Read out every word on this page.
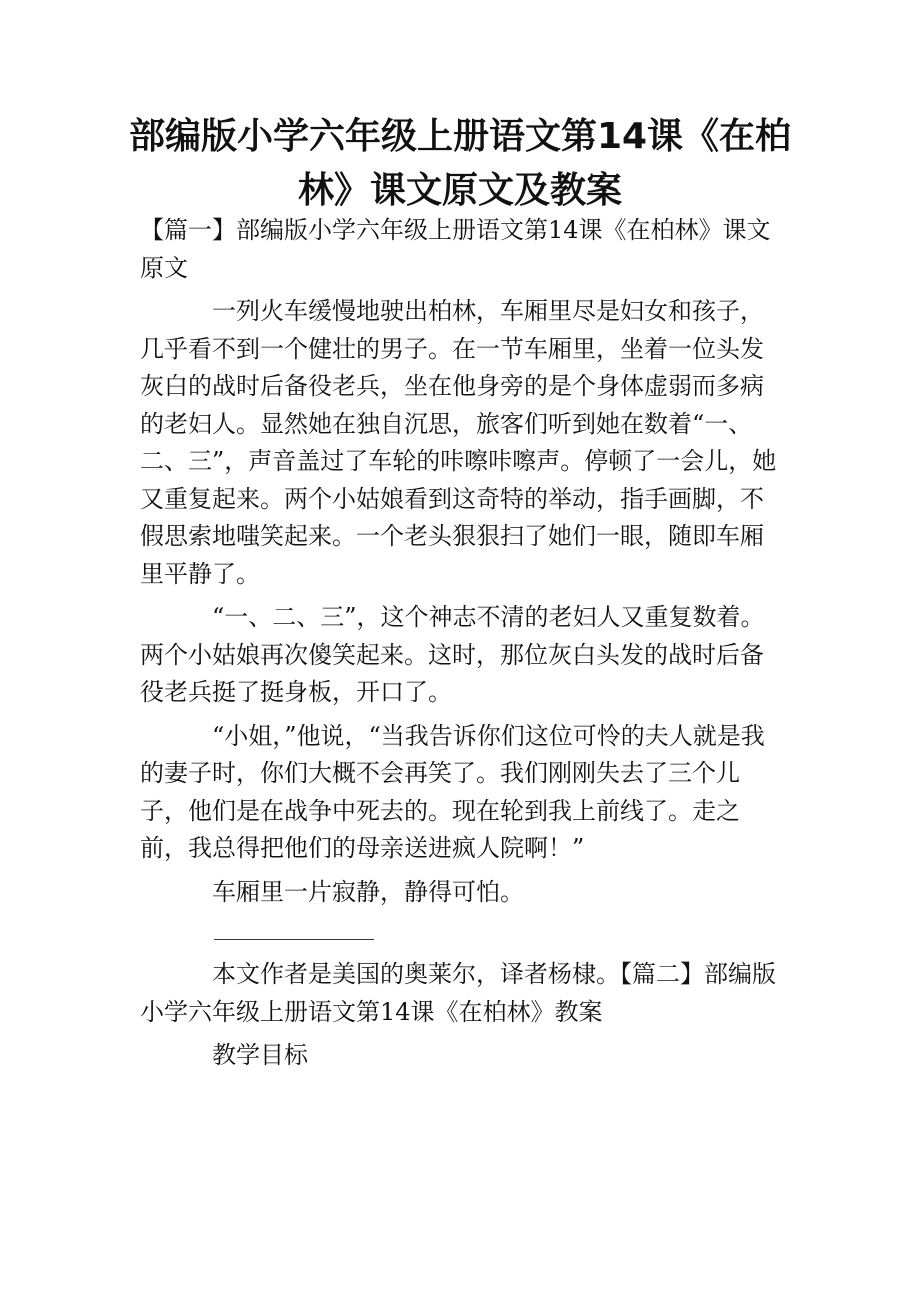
部编版小学六年级上册语文第14课《在柏林》课文原文及教案

【篇一】部编版小学六年级上册语文第14课《在柏林》课文原文

一列火车缓慢地驶出柏林，车厢里尽是妇女和孩子，几乎看不到一个健壮的男子。在一节车厢里，坐着一位头发灰白的战时后备役老兵，坐在他身旁的是个身体虚弱而多病的老妇人。显然她在独自沉思，旅客们听到她在数着“一、二、三”，声音盖过了车轮的咔嚓咔嚓声。停顿了一会儿，她又重复起来。两个小姑娘看到这奇特的举动，指手画脚，不假思索地嗤笑起来。一个老头狠狠扫了她们一眼，随即车厢里平静了。

“一、二、三”，这个神志不清的老妇人又重复数着。两个小姑娘再次傻笑起来。这时，那位灰白头发的战时后备役老兵挺了挺身板，开口了。

“小姐，”他说，“当我告诉你们这位可怜的夫人就是我的妻子时，你们大概不会再笑了。我们刚刚失去了三个儿子，他们是在战争中死去的。现在轮到我上前线了。走之前，我总得把他们的母亲送进疯人院啊！”

车厢里一片寂静，静得可怕。

本文作者是美国的奥莱尔，译者杨棣。【篇二】部编版小学六年级上册语文第14课《在柏林》教案

教学目标
